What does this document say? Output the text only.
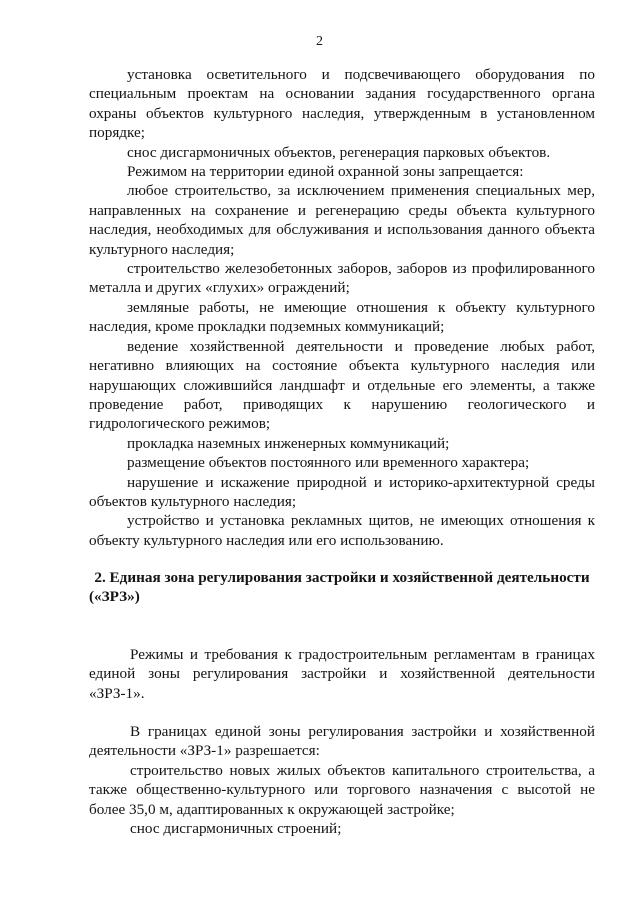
2

установка осветительного и подсвечивающего оборудования по специальным проектам на основании задания государственного органа охраны объектов культурного наследия, утвержденным в установленном порядке;

снос дисгармоничных объектов, регенерация парковых объектов.

Режимом на территории единой охранной зоны запрещается:

любое строительство, за исключением применения специальных мер, направленных на сохранение и регенерацию среды объекта культурного наследия, необходимых для обслуживания и использования данного объекта культурного наследия;

строительство железобетонных заборов, заборов из профилированного металла и других «глухих» ограждений;

земляные работы, не имеющие отношения к объекту культурного наследия, кроме прокладки подземных коммуникаций;

ведение хозяйственной деятельности и проведение любых работ, негативно влияющих на состояние объекта культурного наследия или нарушающих сложившийся ландшафт и отдельные его элементы, а также проведение работ, приводящих к нарушению геологического и гидрологического режимов;

прокладка наземных инженерных коммуникаций;

размещение объектов постоянного или временного характера;

нарушение и искажение природной и историко-архитектурной среды объектов культурного наследия;

устройство и установка рекламных щитов, не имеющих отношения к объекту культурного наследия или его использованию.

2. Единая зона регулирования застройки и хозяйственной деятельности («ЗРЗ»)

Режимы и требования к градостроительным регламентам в границах единой зоны регулирования застройки и хозяйственной деятельности «ЗРЗ-1».

В границах единой зоны регулирования застройки и хозяйственной деятельности «ЗРЗ-1» разрешается:

строительство новых жилых объектов капитального строительства, а также общественно-культурного или торгового назначения с высотой не более 35,0 м, адаптированных к окружающей застройке;

снос дисгармоничных строений;
